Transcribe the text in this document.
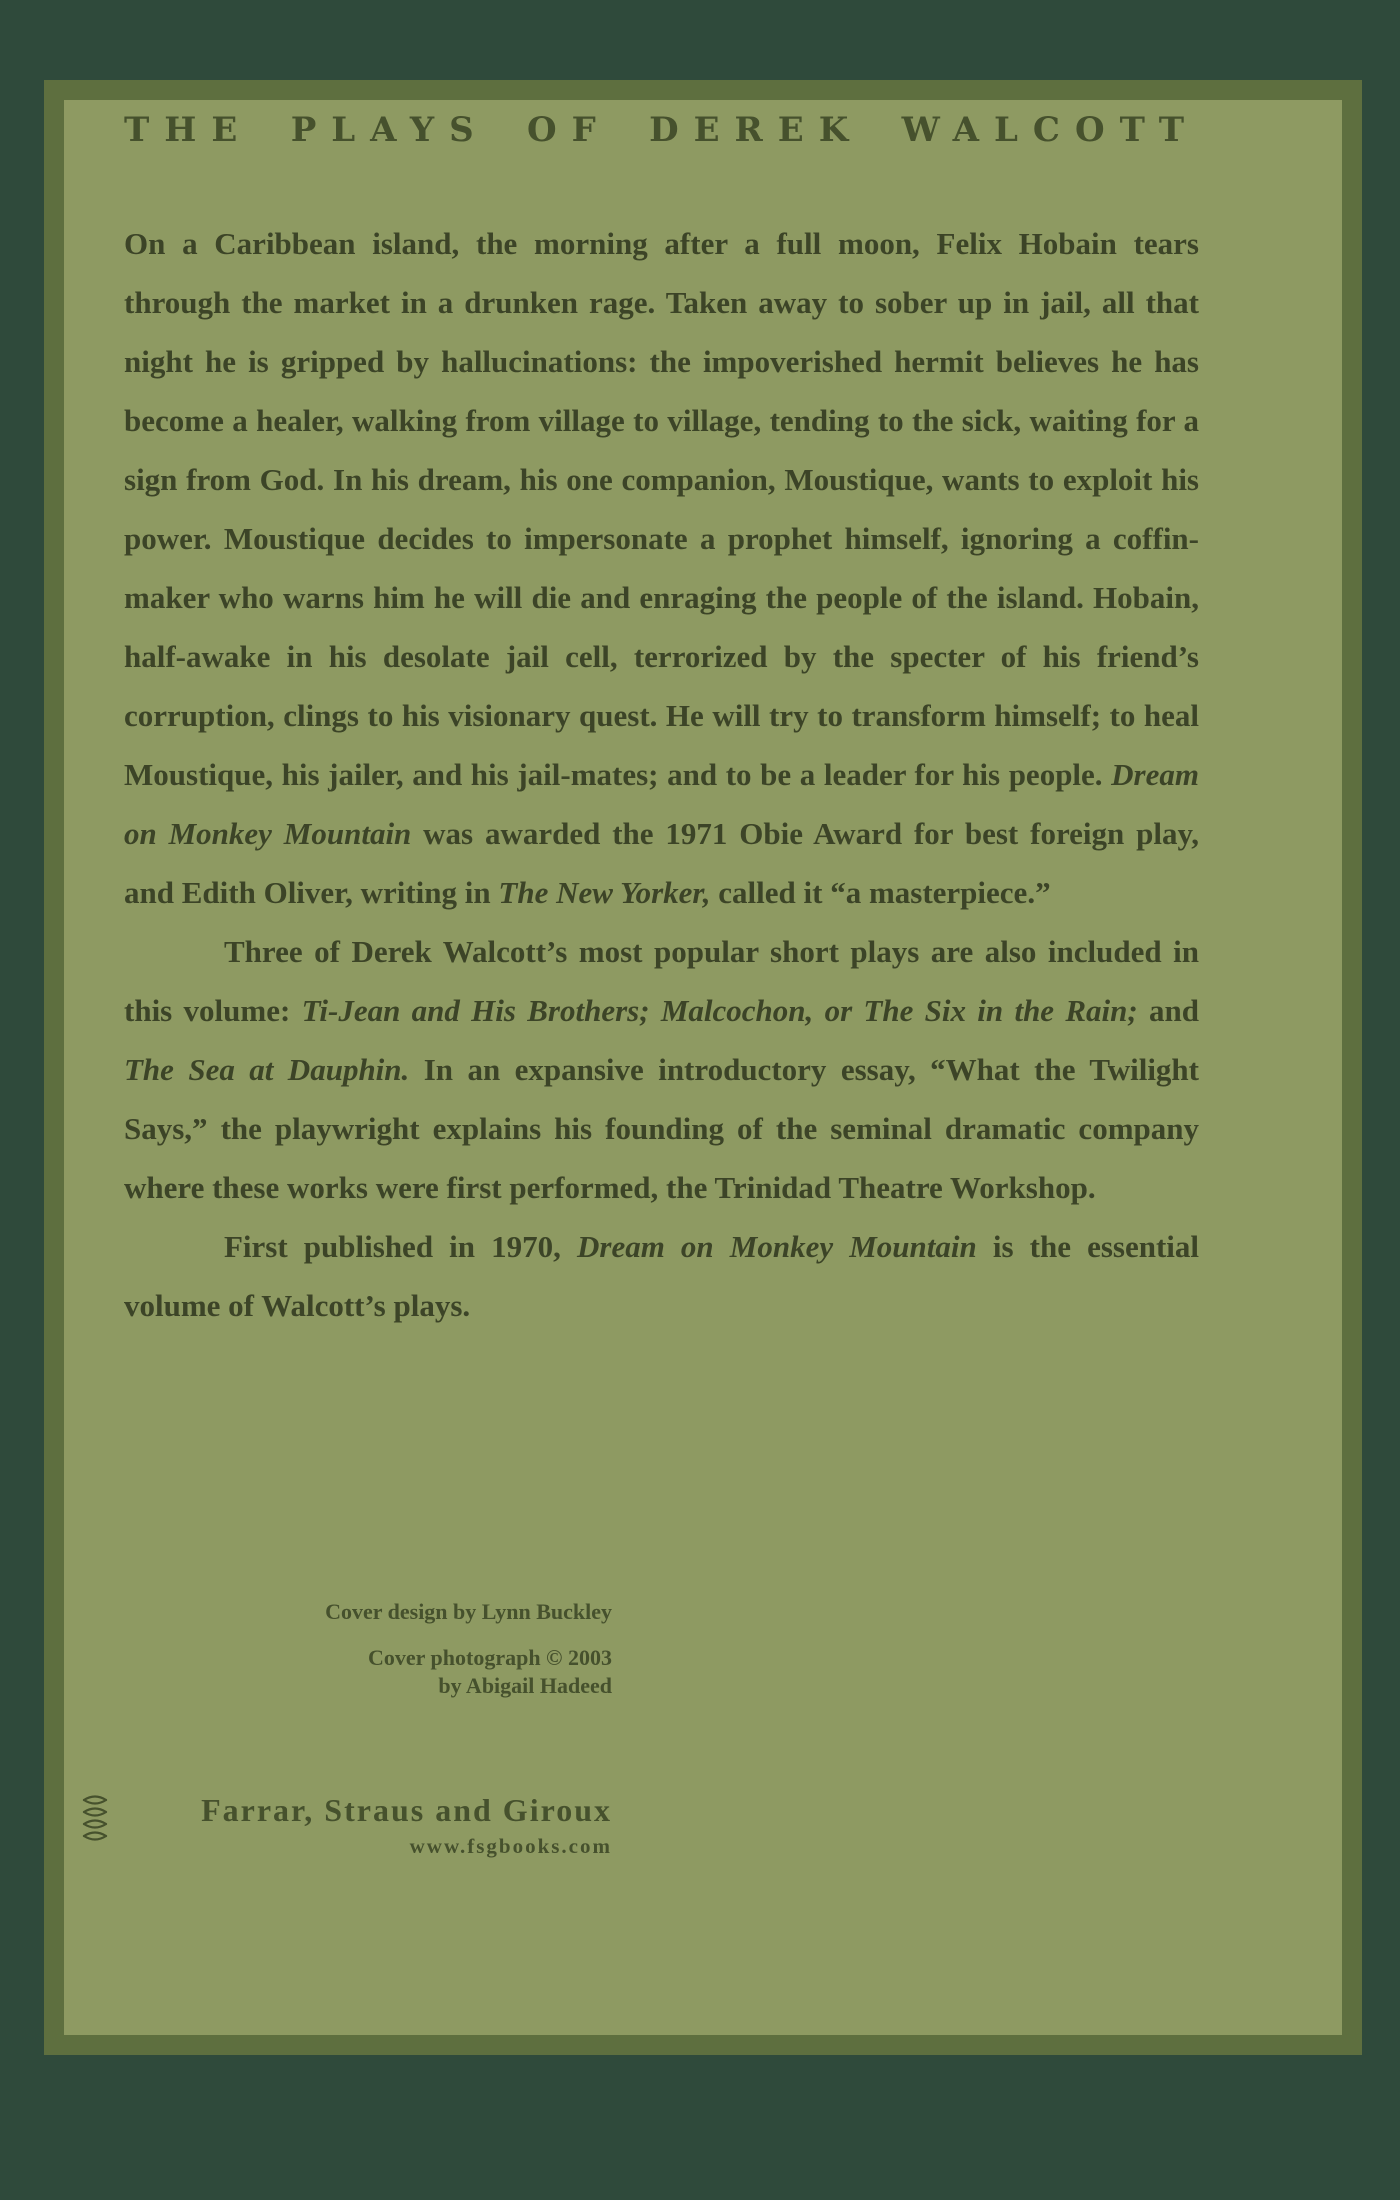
THE PLAYS OF DEREK WALCOTT

On a Caribbean island, the morning after a full moon, Felix Hobain tears through the market in a drunken rage. Taken away to sober up in jail, all that night he is gripped by hallucinations: the impoverished hermit believes he has become a healer, walking from village to village, tending to the sick, waiting for a sign from God. In his dream, his one companion, Moustique, wants to exploit his power. Moustique decides to impersonate a prophet himself, ignoring a coffin-maker who warns him he will die and enraging the people of the island. Hobain, half-awake in his desolate jail cell, terrorized by the specter of his friend’s corruption, clings to his visionary quest. He will try to transform himself; to heal Moustique, his jailer, and his jail-mates; and to be a leader for his people. Dream on Monkey Mountain was awarded the 1971 Obie Award for best foreign play, and Edith Oliver, writing in The New Yorker, called it “a masterpiece.”

Three of Derek Walcott’s most popular short plays are also included in this volume: Ti-Jean and His Brothers; Malcochon, or The Six in the Rain; and The Sea at Dauphin. In an expansive introductory essay, “What the Twilight Says,” the playwright explains his founding of the seminal dramatic company where these works were first performed, the Trinidad Theatre Workshop.

First published in 1970, Dream on Monkey Mountain is the essential volume of Walcott’s plays.

Cover design by Lynn Buckley
Cover photograph © 2003
by Abigail Hadeed
Farrar, Straus and Giroux
www.fsgbooks.com
